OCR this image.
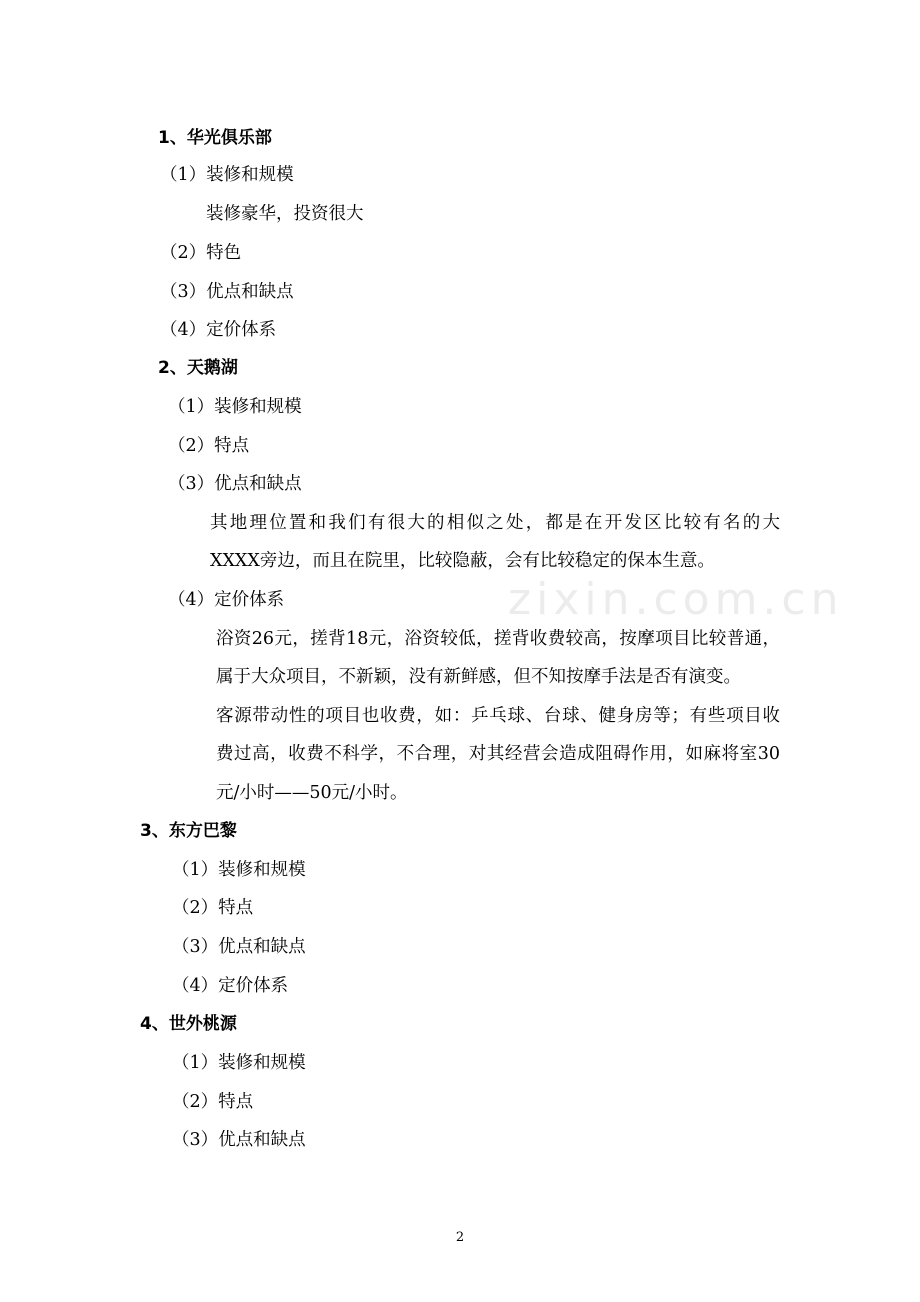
1、华光俱乐部
（1）装修和规模
装修豪华，投资很大
（2）特色
（3）优点和缺点
（4）定价体系
2、天鹅湖
（1）装修和规模
（2）特点
（3）优点和缺点
其地理位置和我们有很大的相似之处，都是在开发区比较有名的大
XXXX旁边，而且在院里，比较隐蔽，会有比较稳定的保本生意。
（4）定价体系
浴资26元，搓背18元，浴资较低，搓背收费较高，按摩项目比较普通，
属于大众项目，不新颖，没有新鲜感，但不知按摩手法是否有演变。
客源带动性的项目也收费，如：乒乓球、台球、健身房等；有些项目收
费过高，收费不科学，不合理，对其经营会造成阻碍作用，如麻将室30
元/小时——50元/小时。
3、东方巴黎
（1）装修和规模
（2）特点
（3）优点和缺点
（4）定价体系
4、世外桃源
（1）装修和规模
（2）特点
（3）优点和缺点
zixin.com.cn
2
